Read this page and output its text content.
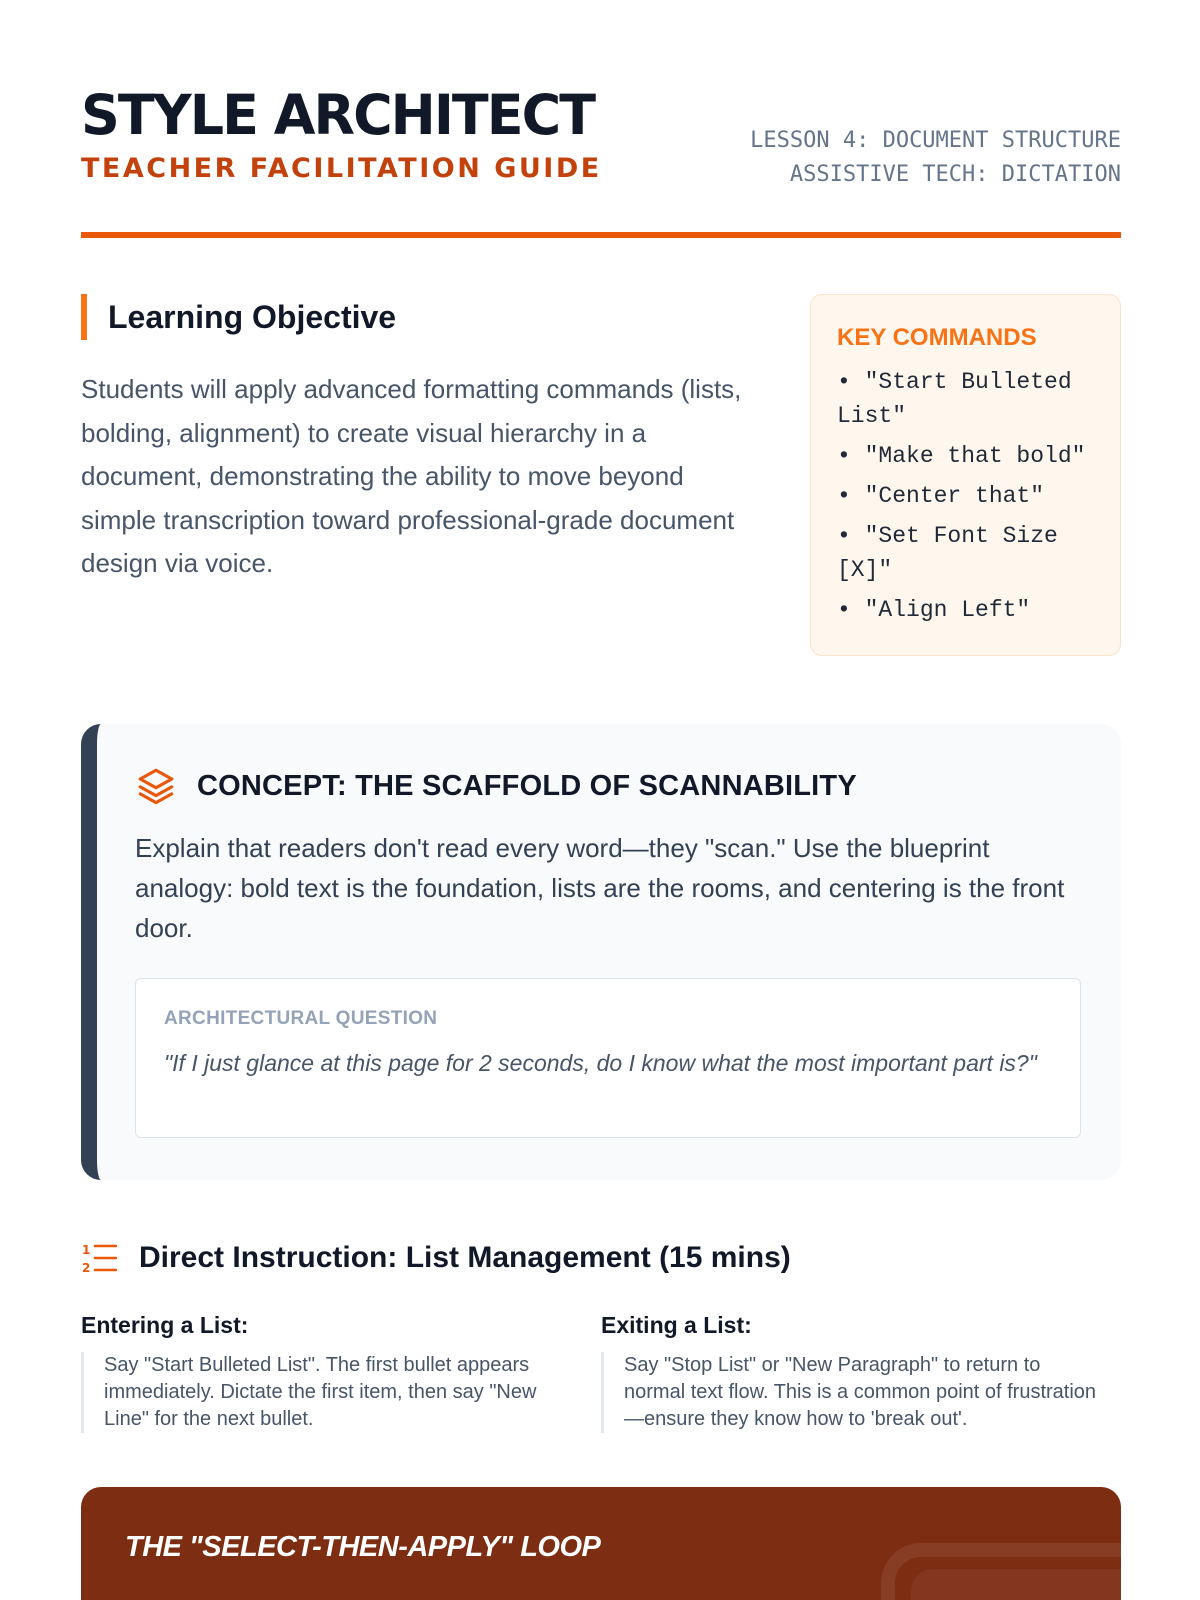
STYLE ARCHITECT
TEACHER FACILITATION GUIDE
LESSON 4: DOCUMENT STRUCTURE
ASSISTIVE TECH: DICTATION
Learning Objective

Students will apply advanced formatting commands (lists, bolding, alignment) to create visual hierarchy in a document, demonstrating the ability to move beyond simple transcription toward professional-grade document design via voice.

KEY COMMANDS
• "Start Bulleted List"
• "Make that bold"
• "Center that"
• "Set Font Size [X]"
• "Align Left"
CONCEPT: THE SCAFFOLD OF SCANNABILITY

Explain that readers don't read every word—they "scan." Use the blueprint analogy: bold text is the foundation, lists are the rooms, and centering is the front door.

ARCHITECTURAL QUESTION

"If I just glance at this page for 2 seconds, do I know what the most important part is?"

1
2 Direct Instruction: List Management (15 mins)
Entering a List:

Say "Start Bulleted List". The first bullet appears immediately. Dictate the first item, then say "New Line" for the next bullet.

Exiting a List:

Say "Stop List" or "New Paragraph" to return to normal text flow. This is a common point of frustration—ensure they know how to 'break out'.

THE "SELECT-THEN-APPLY" LOOP
